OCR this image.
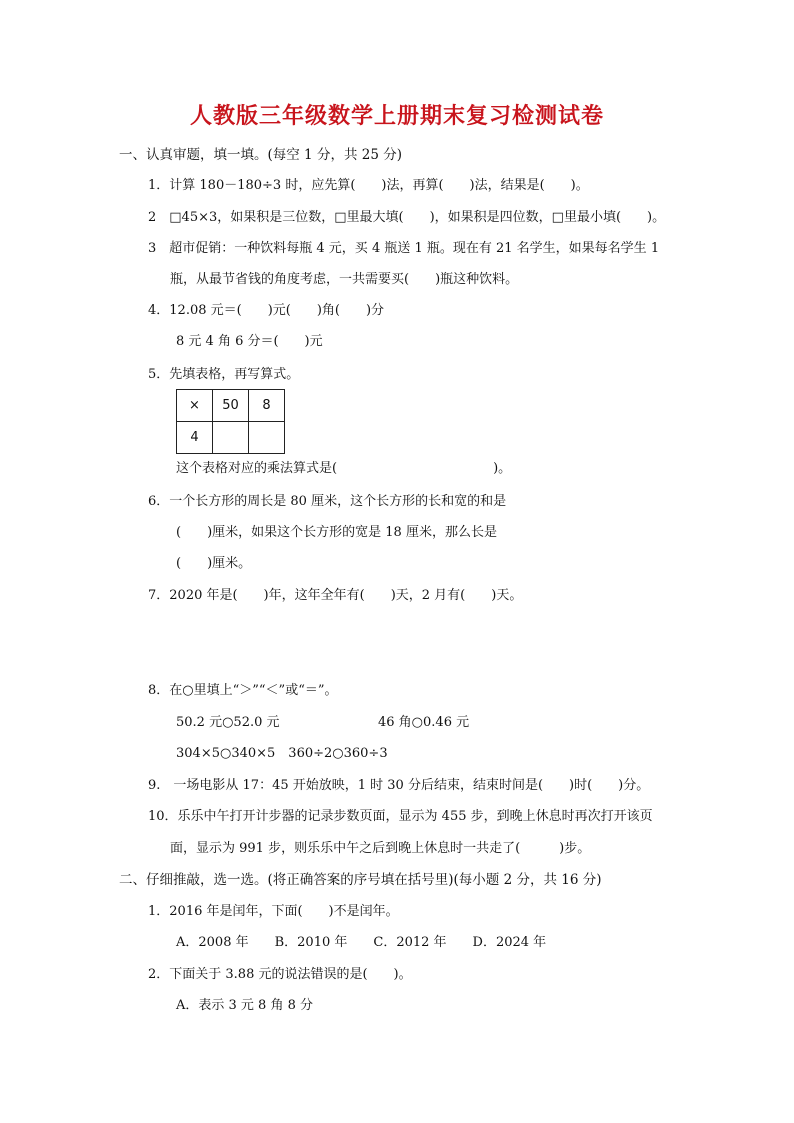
人教版三年级数学上册期末复习检测试卷
一、认真审题，填一填。(每空 1 分，共 25 分)
1．计算 180－180÷3 时，应先算(　　)法，再算(　　)法，结果是(　　)。
2　□45×3，如果积是三位数，□里最大填(　　)，如果积是四位数，□里最小填(　　)。
3　超市促销：一种饮料每瓶 4 元，买 4 瓶送 1 瓶。现在有 21 名学生，如果每名学生 1
瓶，从最节省钱的角度考虑，一共需要买(　　)瓶这种饮料。
4．12.08 元＝(　　)元(　　)角(　　)分
8 元 4 角 6 分＝(　　)元
5．先填表格，再写算式。
×	50	8
4		
这个表格对应的乘法算式是(　　　　　　　　　　　　)。
6．一个长方形的周长是 80 厘米，这个长方形的长和宽的和是
(　　)厘米，如果这个长方形的宽是 18 厘米，那么长是
(　　)厘米。
7．2020 年是(　　)年，这年全年有(　　)天，2 月有(　　)天。
8．在○里填上“＞”“＜”或“＝”。
50.2 元○52.0 元	46 角○0.46 元
304×5○340×5　360÷2○360÷3
9.　一场电影从 17：45 开始放映，1 时 30 分后结束，结束时间是(　　)时(　　)分。
10．乐乐中午打开计步器的记录步数页面，显示为 455 步，到晚上休息时再次打开该页
面，显示为 991 步，则乐乐中午之后到晚上休息时一共走了(　　　)步。
二、仔细推敲，选一选。(将正确答案的序号填在括号里)(每小题 2 分，共 16 分)
1．2016 年是闰年，下面(　　)不是闰年。
A．2008 年　　B．2010 年　　C．2012 年　　D．2024 年
2．下面关于 3.88 元的说法错误的是(　　)。
A．表示 3 元 8 角 8 分
